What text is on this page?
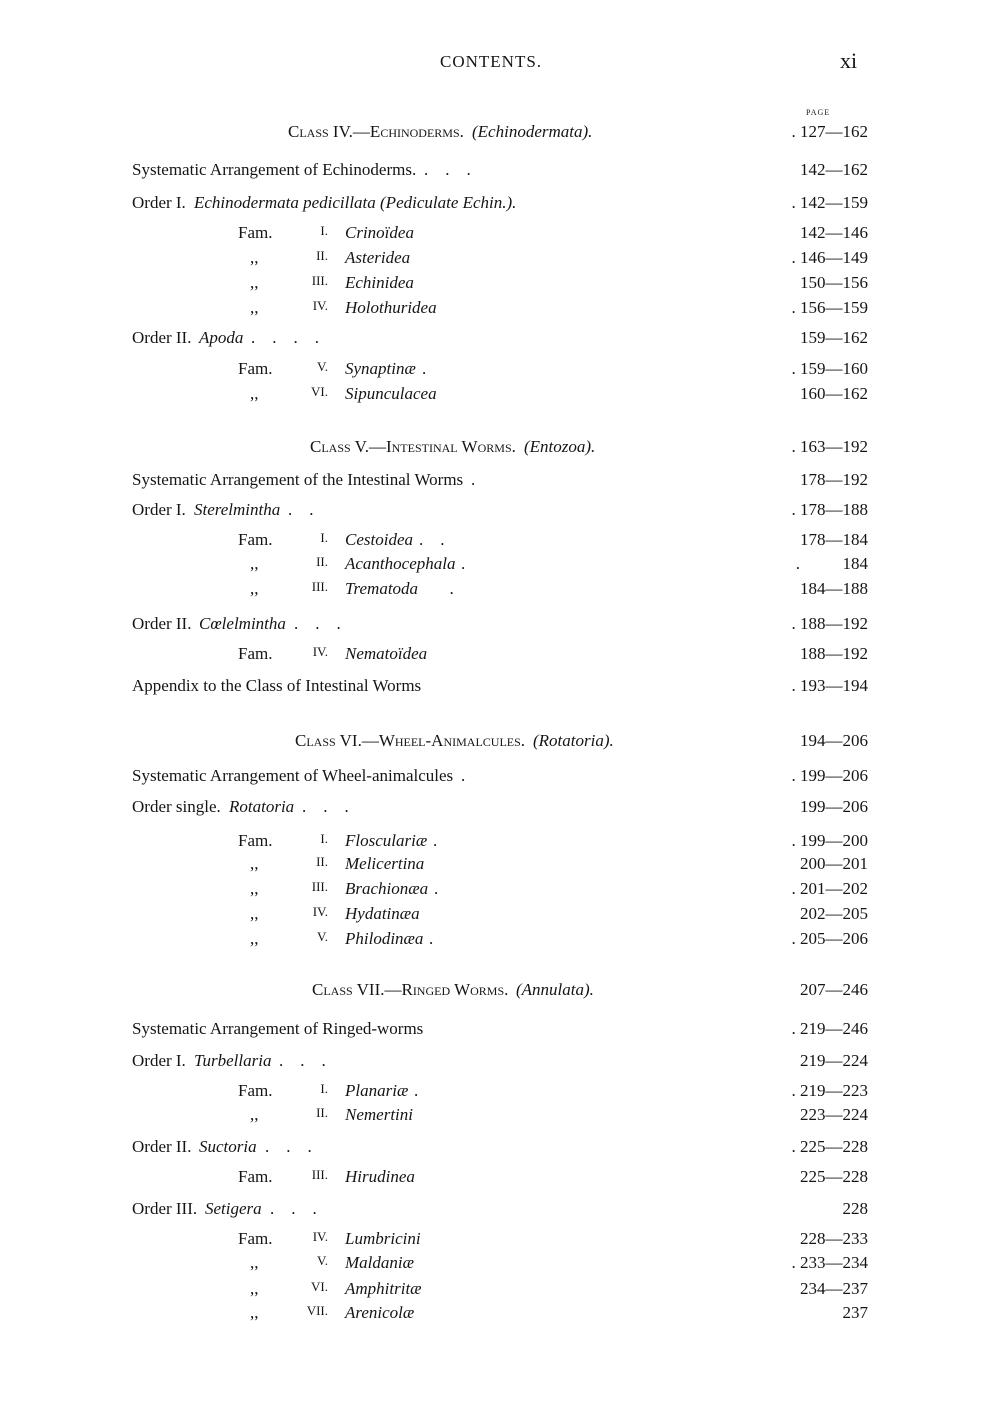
CONTENTS.	xi
PAGE
Class IV.—Echinoderms. (Echinodermata).	. 127—162
Systematic Arrangement of Echinoderms. .    .    .	142—162
Order I. Echinodermata pedicillata (Pediculate Echin.).	. 142—159
Fam.	I. Crinoïdea	142—146
,,	II. Asteridea	. 146—149
,,	III. Echinidea	150—156
,,	IV. Holothuridea	. 156—159
Order II. Apoda .    .    .    .	159—162
Fam.	V. Synaptinæ .	. 159—160
,,	VI. Sipunculacea	160—162
Class V.—Intestinal Worms. (Entozoa).	. 163—192
Systematic Arrangement of the Intestinal Worms .	178—192
Order I. Sterelmintha .    .	. 178—188
Fam.	I. Cestoidea .    .	178—184
,,	II. Acanthocephala .	.          184
,,	III. Trematoda .	184—188
Order II. Cœlelmintha .    .    .	. 188—192
Fam.	IV. Nematoïdea	188—192
Appendix to the Class of Intestinal Worms	. 193—194
Class VI.—Wheel-Animalcules. (Rotatoria).	194—206
Systematic Arrangement of Wheel-animalcules .	. 199—206
Order single. Rotatoria .    .    .	199—206
Fam.	I. Flosculariæ .	. 199—200
,,	II. Melicertina	200—201
,,	III. Brachionæa .	. 201—202
,,	IV. Hydatinæa	202—205
,,	V. Philodinæa .	. 205—206
Class VII.—Ringed Worms. (Annulata).	207—246
Systematic Arrangement of Ringed-worms	. 219—246
Order I. Turbellaria .    .    .	219—224
Fam.	I. Planariæ .	. 219—223
,,	II. Nemertini	223—224
Order II. Suctoria .    .    .	. 225—228
Fam.	III. Hirudinea	225—228
Order III. Setigera .    .    .	228
Fam.	IV. Lumbricini	228—233
,,	V. Maldaniæ	. 233—234
,,	VI. Amphitritæ	234—237
,,	VII. Arenicolæ	237
